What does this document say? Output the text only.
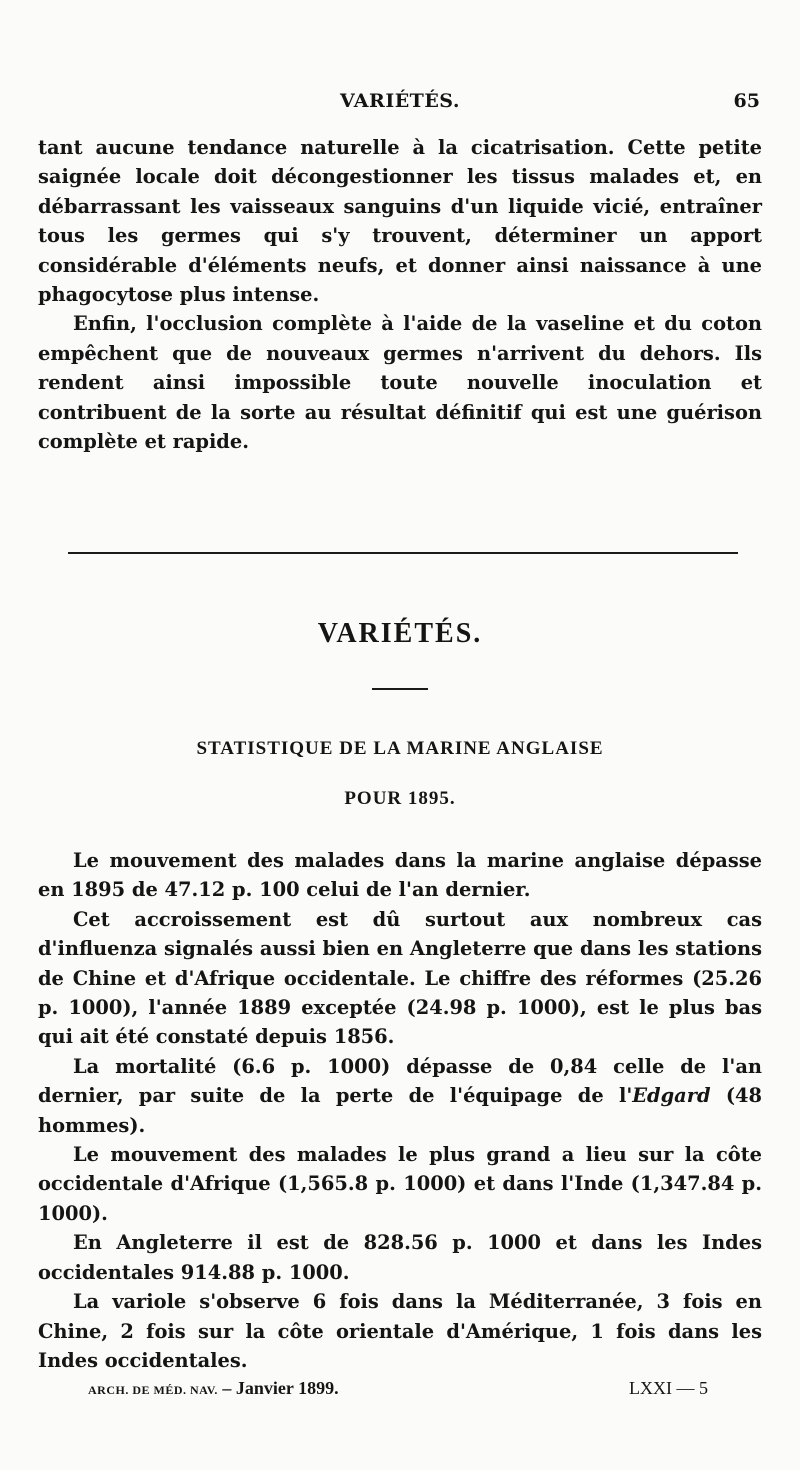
VARIÉTÉS.	65

tant aucune tendance naturelle à la cicatrisation. Cette petite saignée locale doit décongestionner les tissus malades et, en débarrassant les vaisseaux sanguins d'un liquide vicié, entraîner tous les germes qui s'y trouvent, déterminer un apport considérable d'éléments neufs, et donner ainsi naissance à une phagocytose plus intense.

Enfin, l'occlusion complète à l'aide de la vaseline et du coton empêchent que de nouveaux germes n'arrivent du dehors. Ils rendent ainsi impossible toute nouvelle inoculation et contribuent de la sorte au résultat définitif qui est une guérison complète et rapide.

VARIÉTÉS.
STATISTIQUE DE LA MARINE ANGLAISE
POUR 1895.

Le mouvement des malades dans la marine anglaise dépasse en 1895 de 47.12 p. 100 celui de l'an dernier.

Cet accroissement est dû surtout aux nombreux cas d'influenza signalés aussi bien en Angleterre que dans les stations de Chine et d'Afrique occidentale. Le chiffre des réformes (25.26 p. 1000), l'année 1889 exceptée (24.98 p. 1000), est le plus bas qui ait été constaté depuis 1856.

La mortalité (6.6 p. 1000) dépasse de 0,84 celle de l'an dernier, par suite de la perte de l'équipage de l'Edgard (48 hommes).

Le mouvement des malades le plus grand a lieu sur la côte occidentale d'Afrique (1,565.8 p. 1000) et dans l'Inde (1,347.84 p. 1000).

En Angleterre il est de 828.56 p. 1000 et dans les Indes occidentales 914.88 p. 1000.

La variole s'observe 6 fois dans la Méditerranée, 3 fois en Chine, 2 fois sur la côte orientale d'Amérique, 1 fois dans les Indes occidentales.

ARCH. DE MÉD. NAV. – Janvier 1899.	LXXI — 5
